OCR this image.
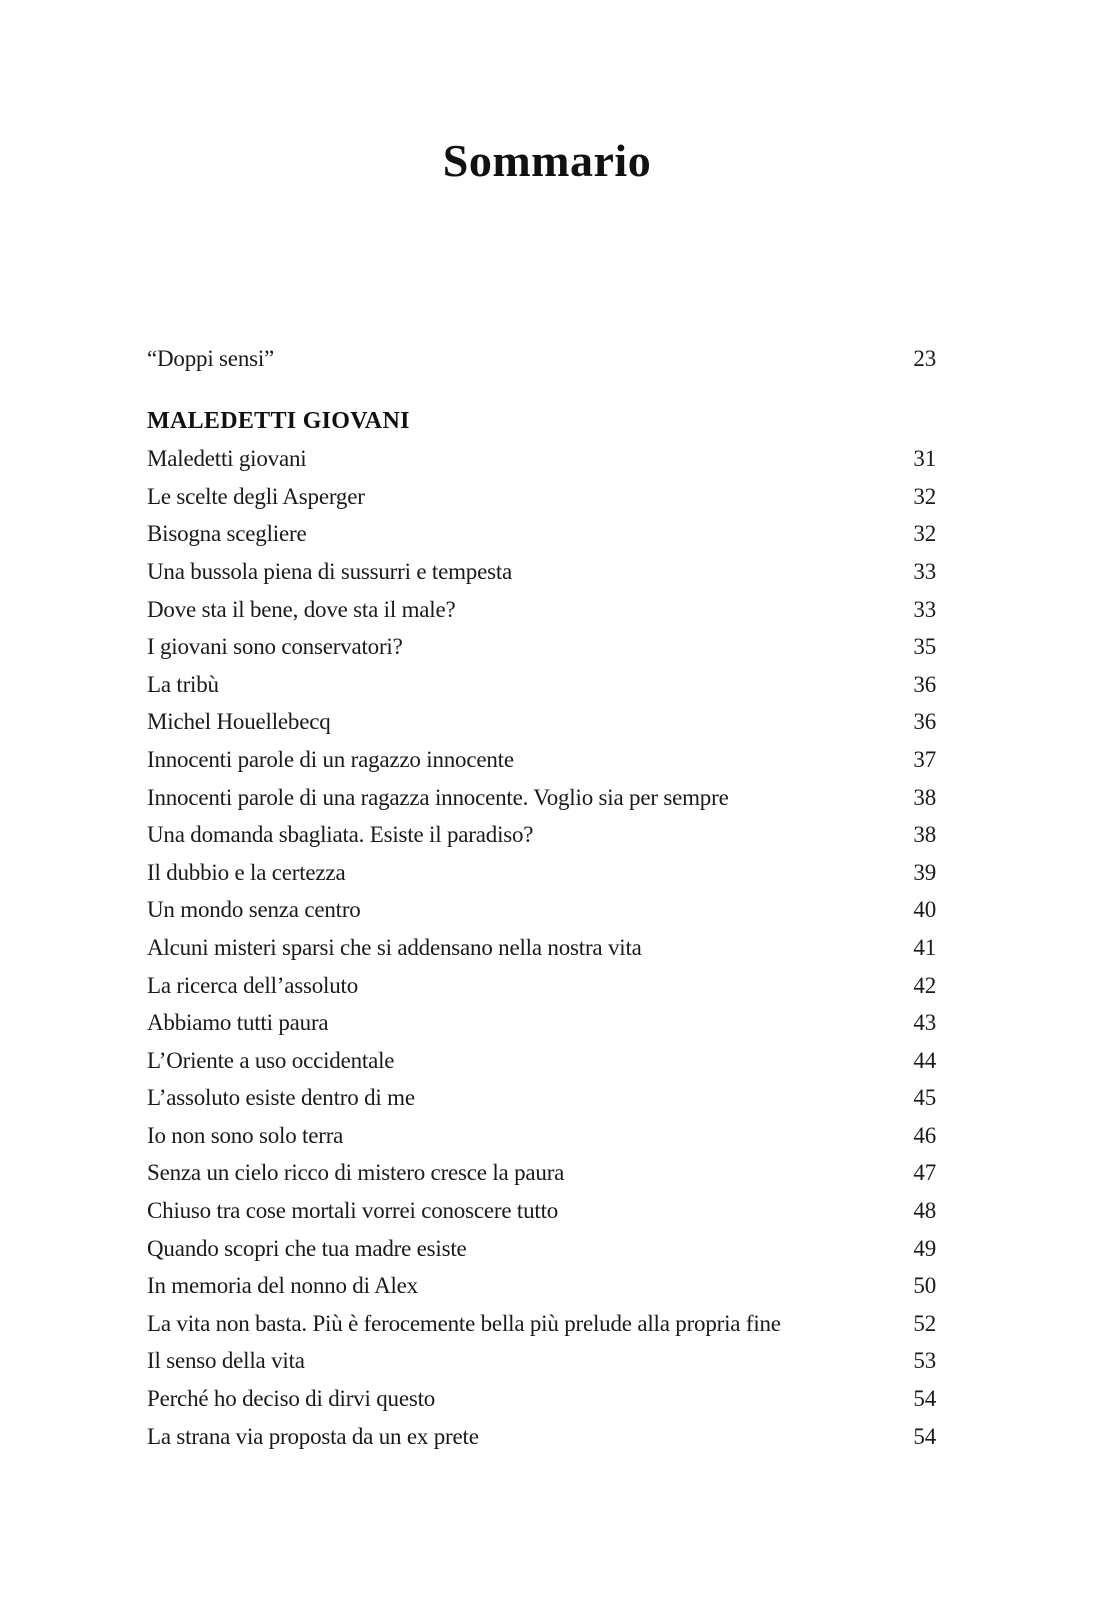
Sommario
“Doppi sensi”	23
MALEDETTI GIOVANI
Maledetti giovani	31
Le scelte degli Asperger	32
Bisogna scegliere	32
Una bussola piena di sussurri e tempesta	33
Dove sta il bene, dove sta il male?	33
I giovani sono conservatori?	35
La tribù	36
Michel Houellebecq	36
Innocenti parole di un ragazzo innocente	37
Innocenti parole di una ragazza innocente. Voglio sia per sempre	38
Una domanda sbagliata. Esiste il paradiso?	38
Il dubbio e la certezza	39
Un mondo senza centro	40
Alcuni misteri sparsi che si addensano nella nostra vita	41
La ricerca dell’assoluto	42
Abbiamo tutti paura	43
L’Oriente a uso occidentale	44
L’assoluto esiste dentro di me	45
Io non sono solo terra	46
Senza un cielo ricco di mistero cresce la paura	47
Chiuso tra cose mortali vorrei conoscere tutto	48
Quando scopri che tua madre esiste	49
In memoria del nonno di Alex	50
La vita non basta. Più è ferocemente bella più prelude alla propria fine	52
Il senso della vita	53
Perché ho deciso di dirvi questo	54
La strana via proposta da un ex prete	54
